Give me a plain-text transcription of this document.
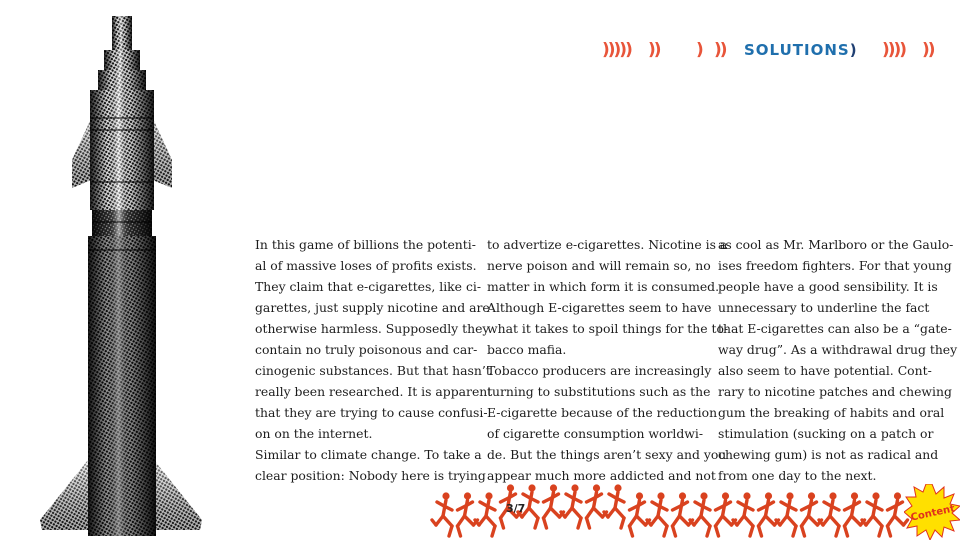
))))) )) ) )) SOLUTIONS) )))) ))
In this game of billions the potenti-
al of massive loses of profits exists.
They claim that e-cigarettes, like ci-
garettes, just supply nicotine and are
otherwise harmless. Supposedly they
contain no truly poisonous and car-
cinogenic substances. But that hasn’t
really been researched. It is apparent
that they are trying to cause confusi-
on on the internet.
Similar to climate change. To take a
clear position: Nobody here is trying
to advertize e-cigarettes. Nicotine is a
nerve poison and will remain so, no
matter in which form it is consumed.
Although E-cigarettes seem to have
what it takes to spoil things for the to-
bacco mafia.
Tobacco producers are increasingly
turning to substitutions such as the
E-cigarette because of the reduction
of cigarette consumption worldwi-
de. But the things aren’t sexy and you
appear much more addicted and not
as cool as Mr. Marlboro or the Gaulo-
ises freedom fighters. For that young
people have a good sensibility. It is
unnecessary to underline the fact
that E-cigarettes can also be a “gate-
way drug”. As a withdrawal drug they
also seem to have potential. Cont-
rary to nicotine patches and chewing
gum the breaking of habits and oral
stimulation (sucking on a patch or
chewing gum) is not as radical and
from one day to the next.
3/7	Content
